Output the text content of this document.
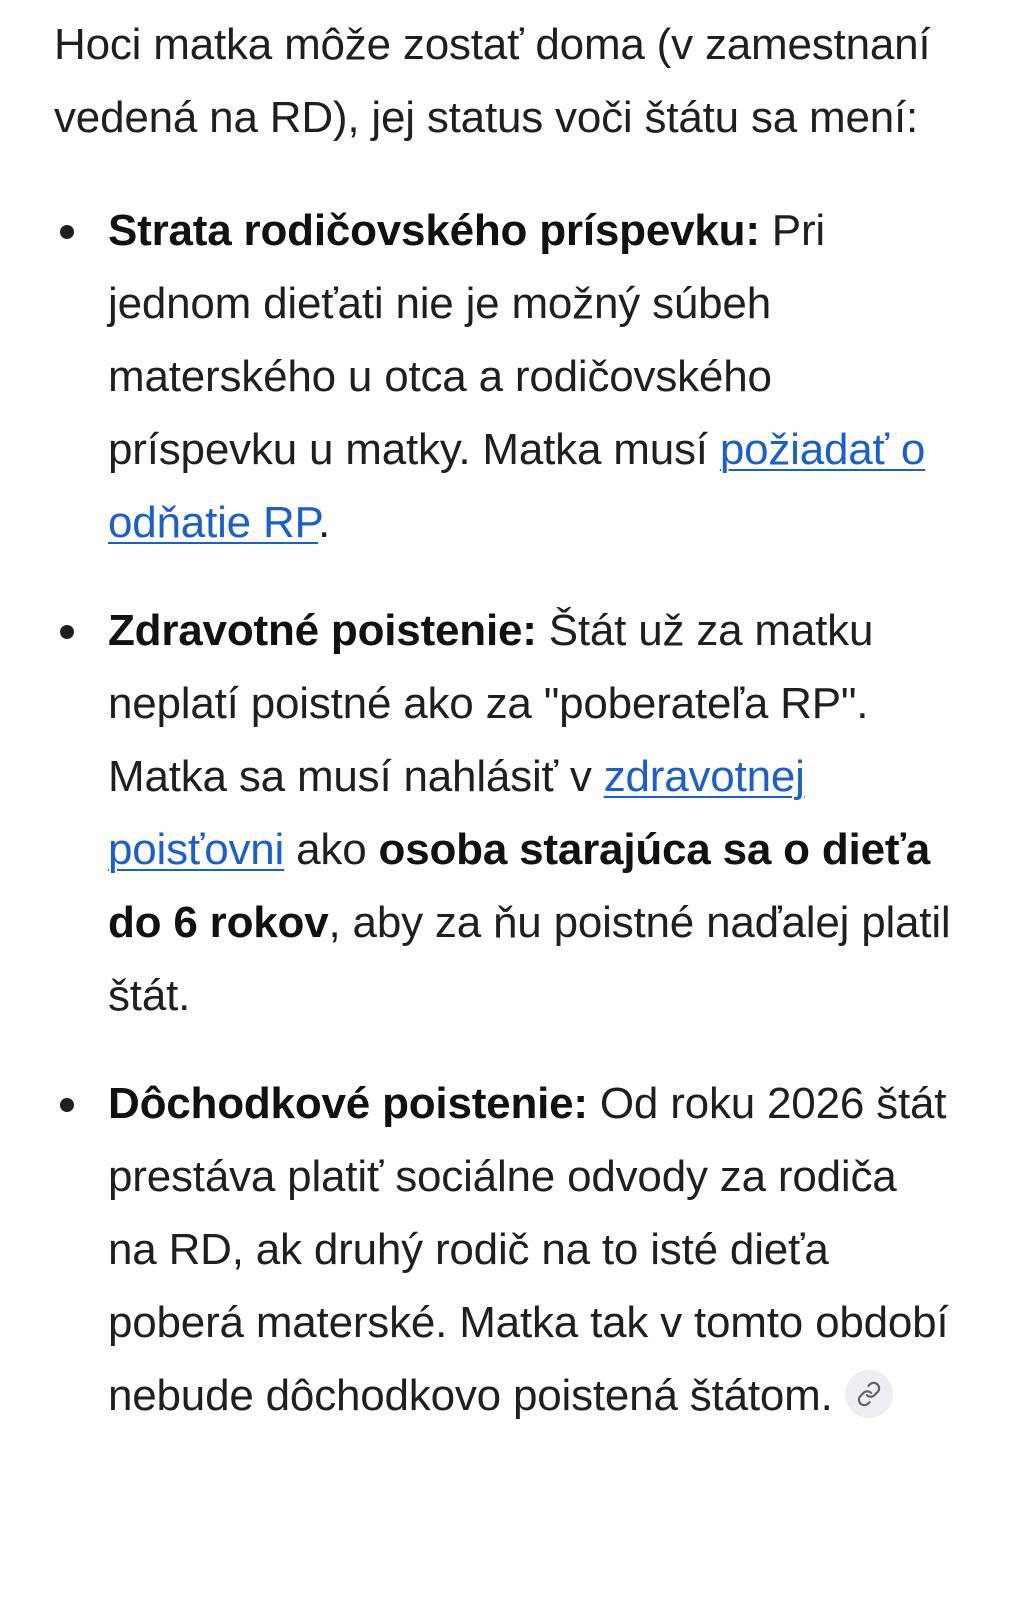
Hoci matka môže zostať doma (v zamestnaní vedená na RD), jej status voči štátu sa mení:

Strata rodičovského príspevku: Pri jednom dieťati nie je možný súbeh materského u otca a rodičovského príspevku u matky. Matka musí požiadať o odňatie RP.
Zdravotné poistenie: Štát už za matku neplatí poistné ako za "poberateľa RP". Matka sa musí nahlásiť v zdravotnej poisťovni ako osoba starajúca sa o dieťa do 6 rokov, aby za ňu poistné naďalej platil štát.
Dôchodkové poistenie: Od roku 2026 štát prestáva platiť sociálne odvody za rodiča na RD, ak druhý rodič na to isté dieťa poberá materské. Matka tak v tomto období nebude dôchodkovo poistená štátom.
